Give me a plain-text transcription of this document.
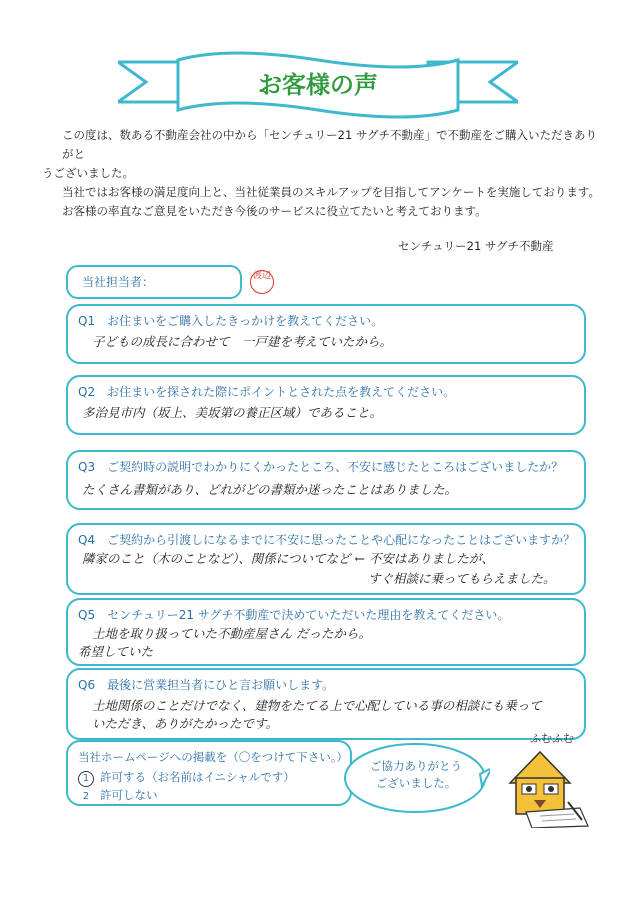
お客様の声

この度は、数ある不動産会社の中から「センチュリー21 サグチ不動産」で不動産をご購入いただきありがと

うございました。

当社ではお客様の満足度向上と、当社従業員のスキルアップを目指してアンケートを実施しております。

お客様の率直なご意見をいただき今後のサービスに役立てたいと考えております。

センチュリー21 サグチ不動産
当社担当者：	渡辺
Q1　お住まいをご購入したきっかけを教えてください。
子どもの成長に合わせて　一戸建を考えていたから。
Q2　お住まいを探された際にポイントとされた点を教えてください。
多治見市内（坂上、美坂第の養正区域）であること。
Q3　ご契約時の説明でわかりにくかったところ、不安に感じたところはございましたか？
たくさん書類があり、どれがどの書類か迷ったことはありました。
Q4　ご契約から引渡しになるまでに不安に思ったことや心配になったことはございますか？
隣家のこと（木のことなど）、関係についてなど ← 不安はありましたが、
すぐ相談に乗ってもらえました。
Q5　センチュリー21 サグチ不動産で決めていただいた理由を教えてください。
土地を取り扱っていた不動産屋さん だったから。
希望していた
Q6　最後に営業担当者にひと言お願いします。
土地関係のことだけでなく、建物をたてる上で心配している事の相談にも乗って
いただき、ありがたかったです。
当社ホームページへの掲載を（〇をつけて下さい。）
1 許可する（お名前はイニシャルです）
2 許可しない
ご協力ありがとう
ございました。
ふむふむ
